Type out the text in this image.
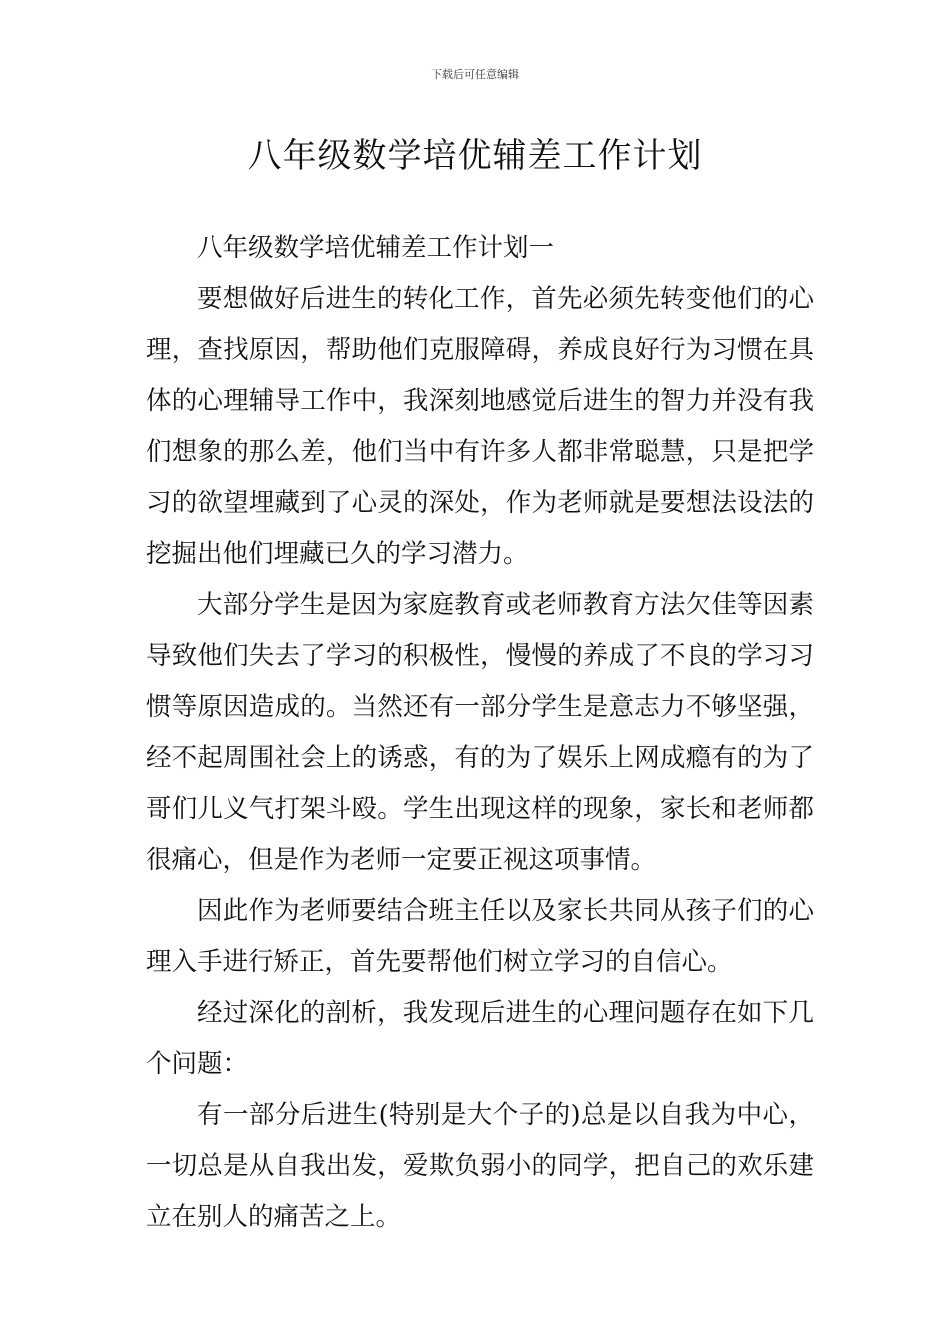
下载后可任意编辑
八年级数学培优辅差工作计划

八年级数学培优辅差工作计划一

要想做好后进生的转化工作，首先必须先转变他们的心理，查找原因，帮助他们克服障碍，养成良好行为习惯在具体的心理辅导工作中，我深刻地感觉后进生的智力并没有我们想象的那么差，他们当中有许多人都非常聪慧，只是把学习的欲望埋藏到了心灵的深处，作为老师就是要想法设法的挖掘出他们埋藏已久的学习潜力。

大部分学生是因为家庭教育或老师教育方法欠佳等因素导致他们失去了学习的积极性，慢慢的养成了不良的学习习惯等原因造成的。当然还有一部分学生是意志力不够坚强，经不起周围社会上的诱惑，有的为了娱乐上网成瘾有的为了哥们儿义气打架斗殴。学生出现这样的现象，家长和老师都很痛心，但是作为老师一定要正视这项事情。

因此作为老师要结合班主任以及家长共同从孩子们的心理入手进行矫正，首先要帮他们树立学习的自信心。

经过深化的剖析，我发现后进生的心理问题存在如下几个问题：

有一部分后进生(特别是大个子的)总是以自我为中心，一切总是从自我出发，爱欺负弱小的同学，把自己的欢乐建立在别人的痛苦之上。
